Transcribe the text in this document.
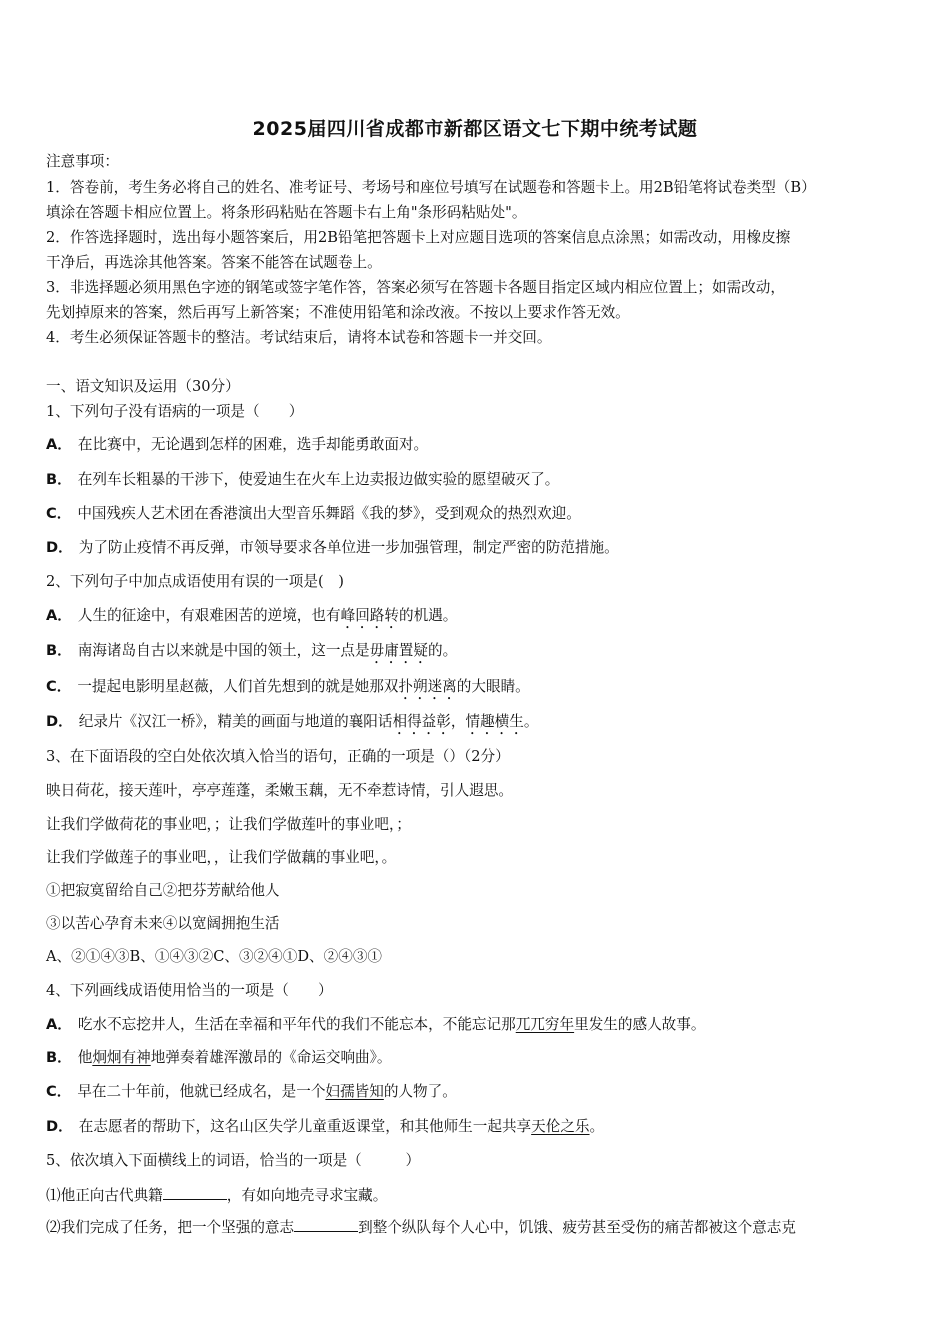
2025届四川省成都市新都区语文七下期中统考试题
注意事项：
1．答卷前，考生务必将自己的姓名、准考证号、考场号和座位号填写在试题卷和答题卡上。用2B铅笔将试卷类型（B）
填涂在答题卡相应位置上。将条形码粘贴在答题卡右上角"条形码粘贴处"。
2．作答选择题时，选出每小题答案后，用2B铅笔把答题卡上对应题目选项的答案信息点涂黑；如需改动，用橡皮擦
干净后，再选涂其他答案。答案不能答在试题卷上。
3．非选择题必须用黑色字迹的钢笔或签字笔作答，答案必须写在答题卡各题目指定区域内相应位置上；如需改动，
先划掉原来的答案，然后再写上新答案；不准使用铅笔和涂改液。不按以上要求作答无效。
4．考生必须保证答题卡的整洁。考试结束后，请将本试卷和答题卡一并交回。
一、语文知识及运用（30分）
1、下列句子没有语病的一项是（　　）
A． 在比赛中，无论遇到怎样的困难，选手却能勇敢面对。
B． 在列车长粗暴的干涉下，使爱迪生在火车上边卖报边做实验的愿望破灭了。
C． 中国残疾人艺术团在香港演出大型音乐舞蹈《我的梦》，受到观众的热烈欢迎。
D． 为了防止疫情不再反弹，市领导要求各单位进一步加强管理，制定严密的防范措施。
2、下列句子中加点成语使用有误的一项是(　)
A． 人生的征途中，有艰难困苦的逆境，也有峰回路转的机遇。
B． 南海诸岛自古以来就是中国的领土，这一点是毋庸置疑的。
C． 一提起电影明星赵薇，人们首先想到的就是她那双扑朔迷离的大眼睛。
D． 纪录片《汉江一桥》，精美的画面与地道的襄阳话相得益彰，情趣横生。
3、在下面语段的空白处依次填入恰当的语句，正确的一项是（）（2分）
映日荷花，接天莲叶，亭亭莲蓬，柔嫩玉藕，无不牵惹诗情，引人遐思。
让我们学做荷花的事业吧，；让我们学做莲叶的事业吧，；
让我们学做莲子的事业吧，，让我们学做藕的事业吧，。
①把寂寞留给自己②把芬芳献给他人
③以苦心孕育未来④以宽阔拥抱生活
A、②①④③B、①④③②C、③②④①D、②④③①
4、下列画线成语使用恰当的一项是（　　）
A． 吃水不忘挖井人，生活在幸福和平年代的我们不能忘本，不能忘记那兀兀穷年里发生的感人故事。
B． 他炯炯有神地弹奏着雄浑激昂的《命运交响曲》。
C． 早在二十年前，他就已经成名，是一个妇孺皆知的人物了。
D． 在志愿者的帮助下，这名山区失学儿童重返课堂，和其他师生一起共享天伦之乐。
5、依次填入下面横线上的词语，恰当的一项是（　　　）
⑴他正向古代典籍	，有如向地壳寻求宝藏。
⑵我们完成了任务，把一个坚强的意志	到整个纵队每个人心中，饥饿、疲劳甚至受伤的痛苦都被这个意志克
